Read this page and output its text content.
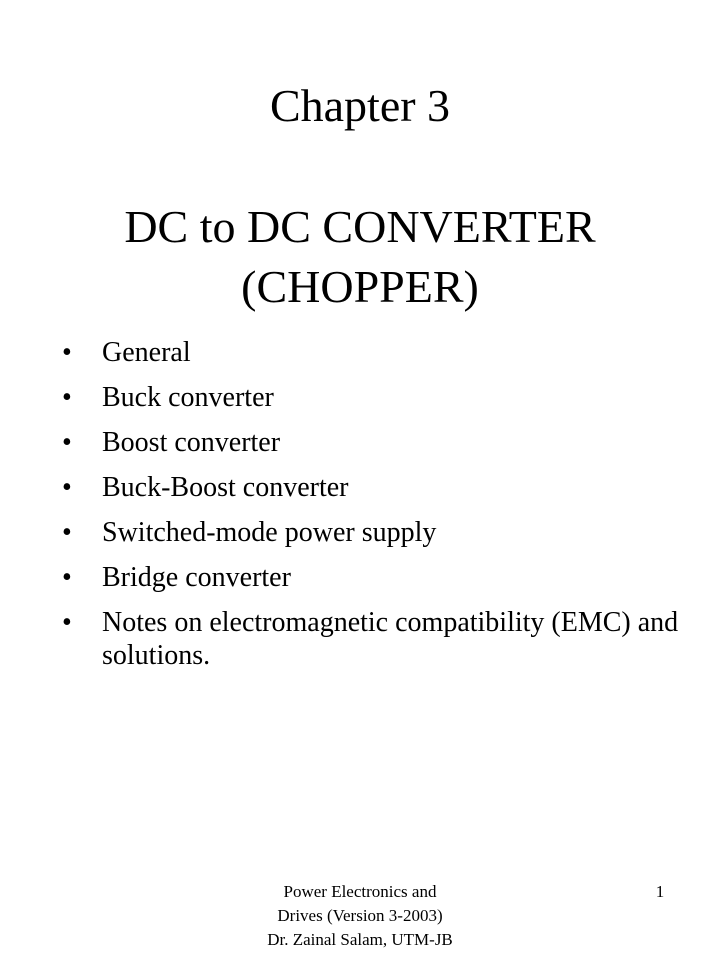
Chapter 3
DC to DC CONVERTER
(CHOPPER)
• General
• Buck converter
• Boost converter
• Buck-Boost converter
• Switched-mode power supply
• Bridge converter
• Notes on electromagnetic compatibility (EMC) and solutions.
Power Electronics and
Drives (Version 3-2003)
Dr. Zainal Salam, UTM-JB
1
